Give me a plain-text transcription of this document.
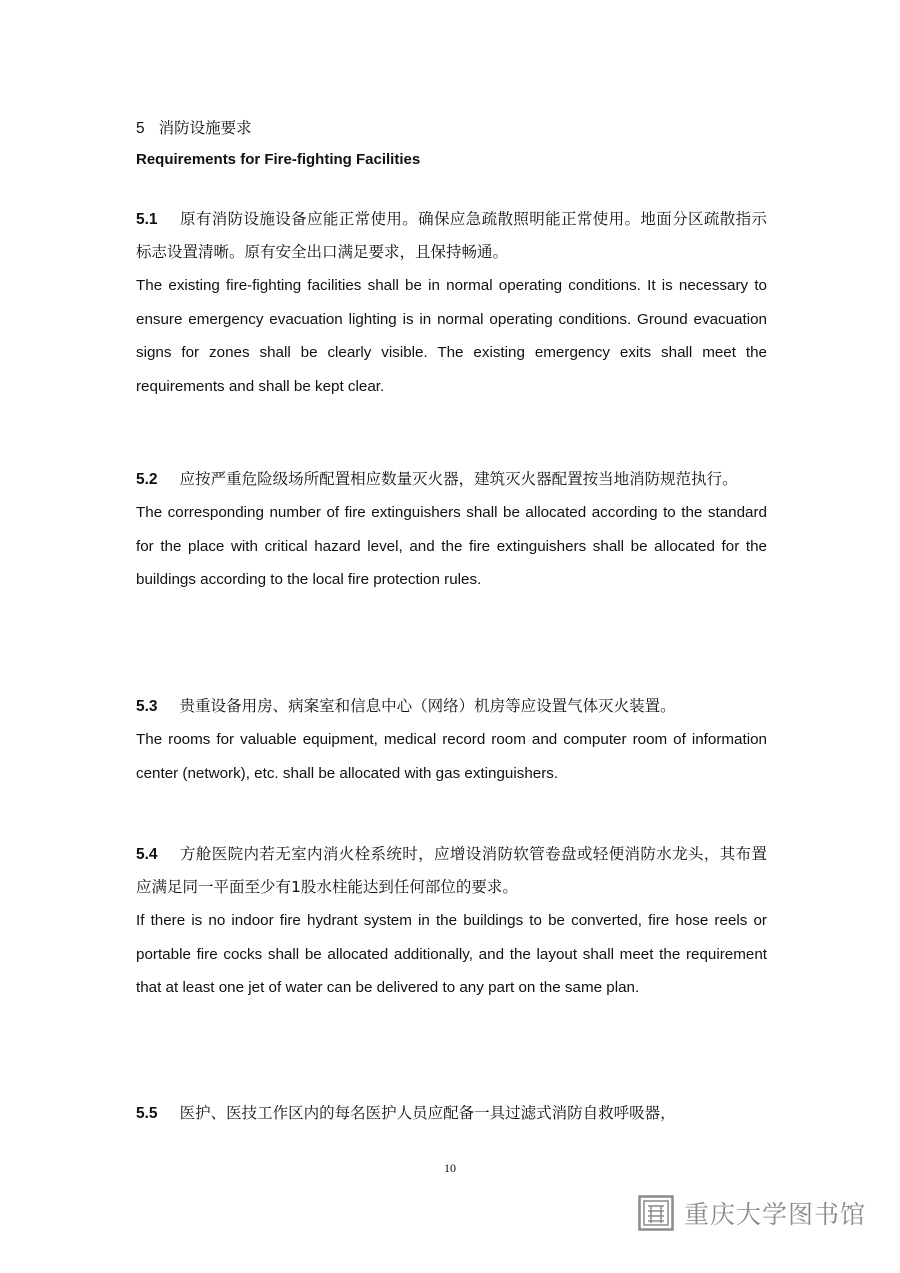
5 消防设施要求
Requirements for Fire-fighting Facilities

5.1 原有消防设施设备应能正常使用。确保应急疏散照明能正常使用。地面分区疏散指示标志设置清晰。原有安全出口满足要求，且保持畅通。

The existing fire-fighting facilities shall be in normal operating conditions. It is necessary to ensure emergency evacuation lighting is in normal operating conditions. Ground evacuation signs for zones shall be clearly visible. The existing emergency exits shall meet the requirements and shall be kept clear.

5.2 应按严重危险级场所配置相应数量灭火器，建筑灭火器配置按当地消防规范执行。

The corresponding number of fire extinguishers shall be allocated according to the standard for the place with critical hazard level, and the fire extinguishers shall be allocated for the buildings according to the local fire protection rules.

5.3 贵重设备用房、病案室和信息中心（网络）机房等应设置气体灭火装置。

The rooms for valuable equipment, medical record room and computer room of information center (network), etc. shall be allocated with gas extinguishers.

5.4 方舱医院内若无室内消火栓系统时，应增设消防软管卷盘或轻便消防水龙头，其布置应满足同一平面至少有1股水柱能达到任何部位的要求。

If there is no indoor fire hydrant system in the buildings to be converted, fire hose reels or portable fire cocks shall be allocated additionally, and the layout shall meet the requirement that at least one jet of water can be delivered to any part on the same plan.

5.5 医护、医技工作区内的每名医护人员应配备一具过滤式消防自救呼吸器，

10
重庆大学图书馆
